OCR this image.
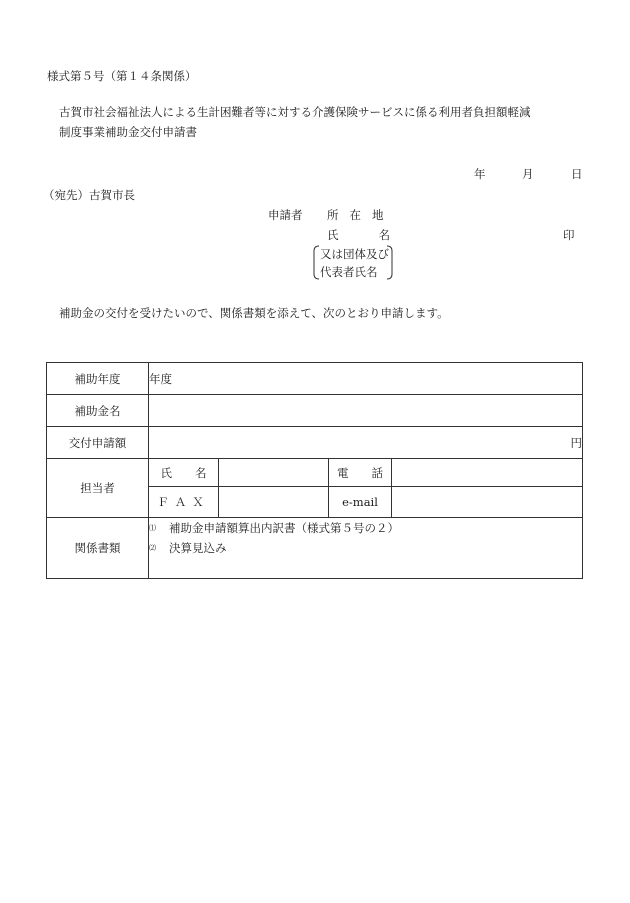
様式第５号（第１４条関係）
古賀市社会福祉法人による生計困難者等に対する介護保険サービスに係る利用者負担額軽減
制度事業補助金交付申請書
年	月	日
（宛先）古賀市長
申請者 所在地
氏	名	印
又は団体及び
代表者氏名
補助金の交付を受けたいので、関係書類を添えて、次のとおり申請します。
補助年度	年度			
補助金名				
交付申請額	円			
担当者	氏　　名		電　　話	
	ＦＡＸ		e-mail	
関係書類	⑴ 補助金申請額算出内訳書（様式第５号の２）
⑵ 決算見込み			
